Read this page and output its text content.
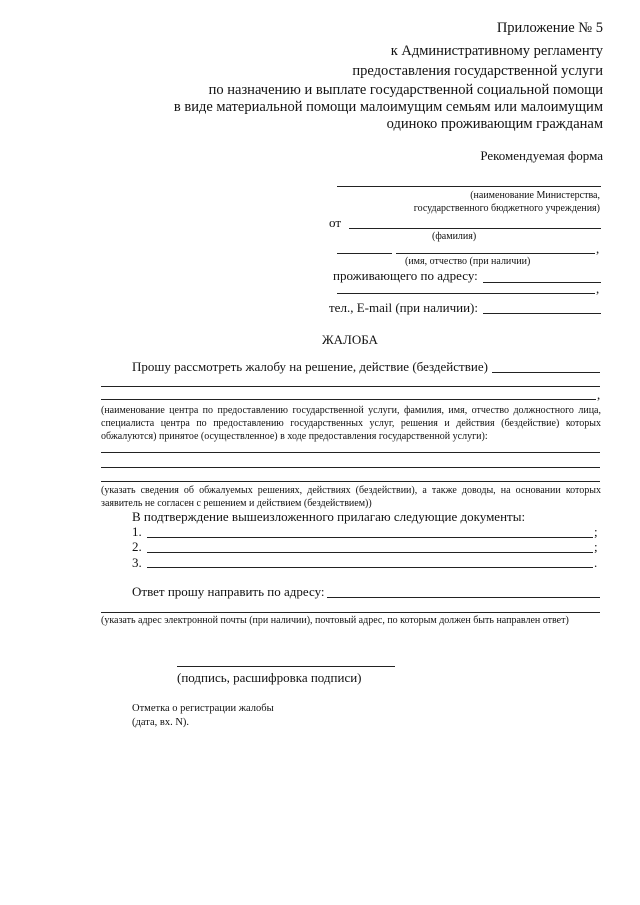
Приложение № 5
к Административному регламенту
предоставления государственной услуги
по назначению и выплате государственной социальной помощи
в виде материальной помощи малоимущим семьям или малоимущим
одиноко проживающим гражданам
Рекомендуемая форма
(наименование Министерства,
государственного бюджетного учреждения)
от
(фамилия)
,
(имя, отчество (при наличии)
проживающего по адресу:
,
тел., E-mail (при наличии):
ЖАЛОБА
Прошу рассмотреть жалобу на решение, действие (бездействие)
,
(наименование центра по предоставлению государственной услуги, фамилия, имя, отчество должностного лица, специалиста центра по предоставлению государственных услуг, решения и действия (бездействие) которых обжалуются) принятое (осуществленное) в ходе предоставления государственной услуги):
(указать сведения об обжалуемых решениях, действиях (бездействии), а также доводы, на основании которых заявитель не согласен с решением и действием (бездействием))
В подтверждение вышеизложенного прилагаю следующие документы:
1.	;
2.	;
3.	.
Ответ прошу направить по адресу:
(указать адрес электронной почты (при наличии), почтовый адрес, по которым должен быть направлен ответ)
(подпись, расшифровка подписи)
Отметка о регистрации жалобы
(дата, вх. N).
